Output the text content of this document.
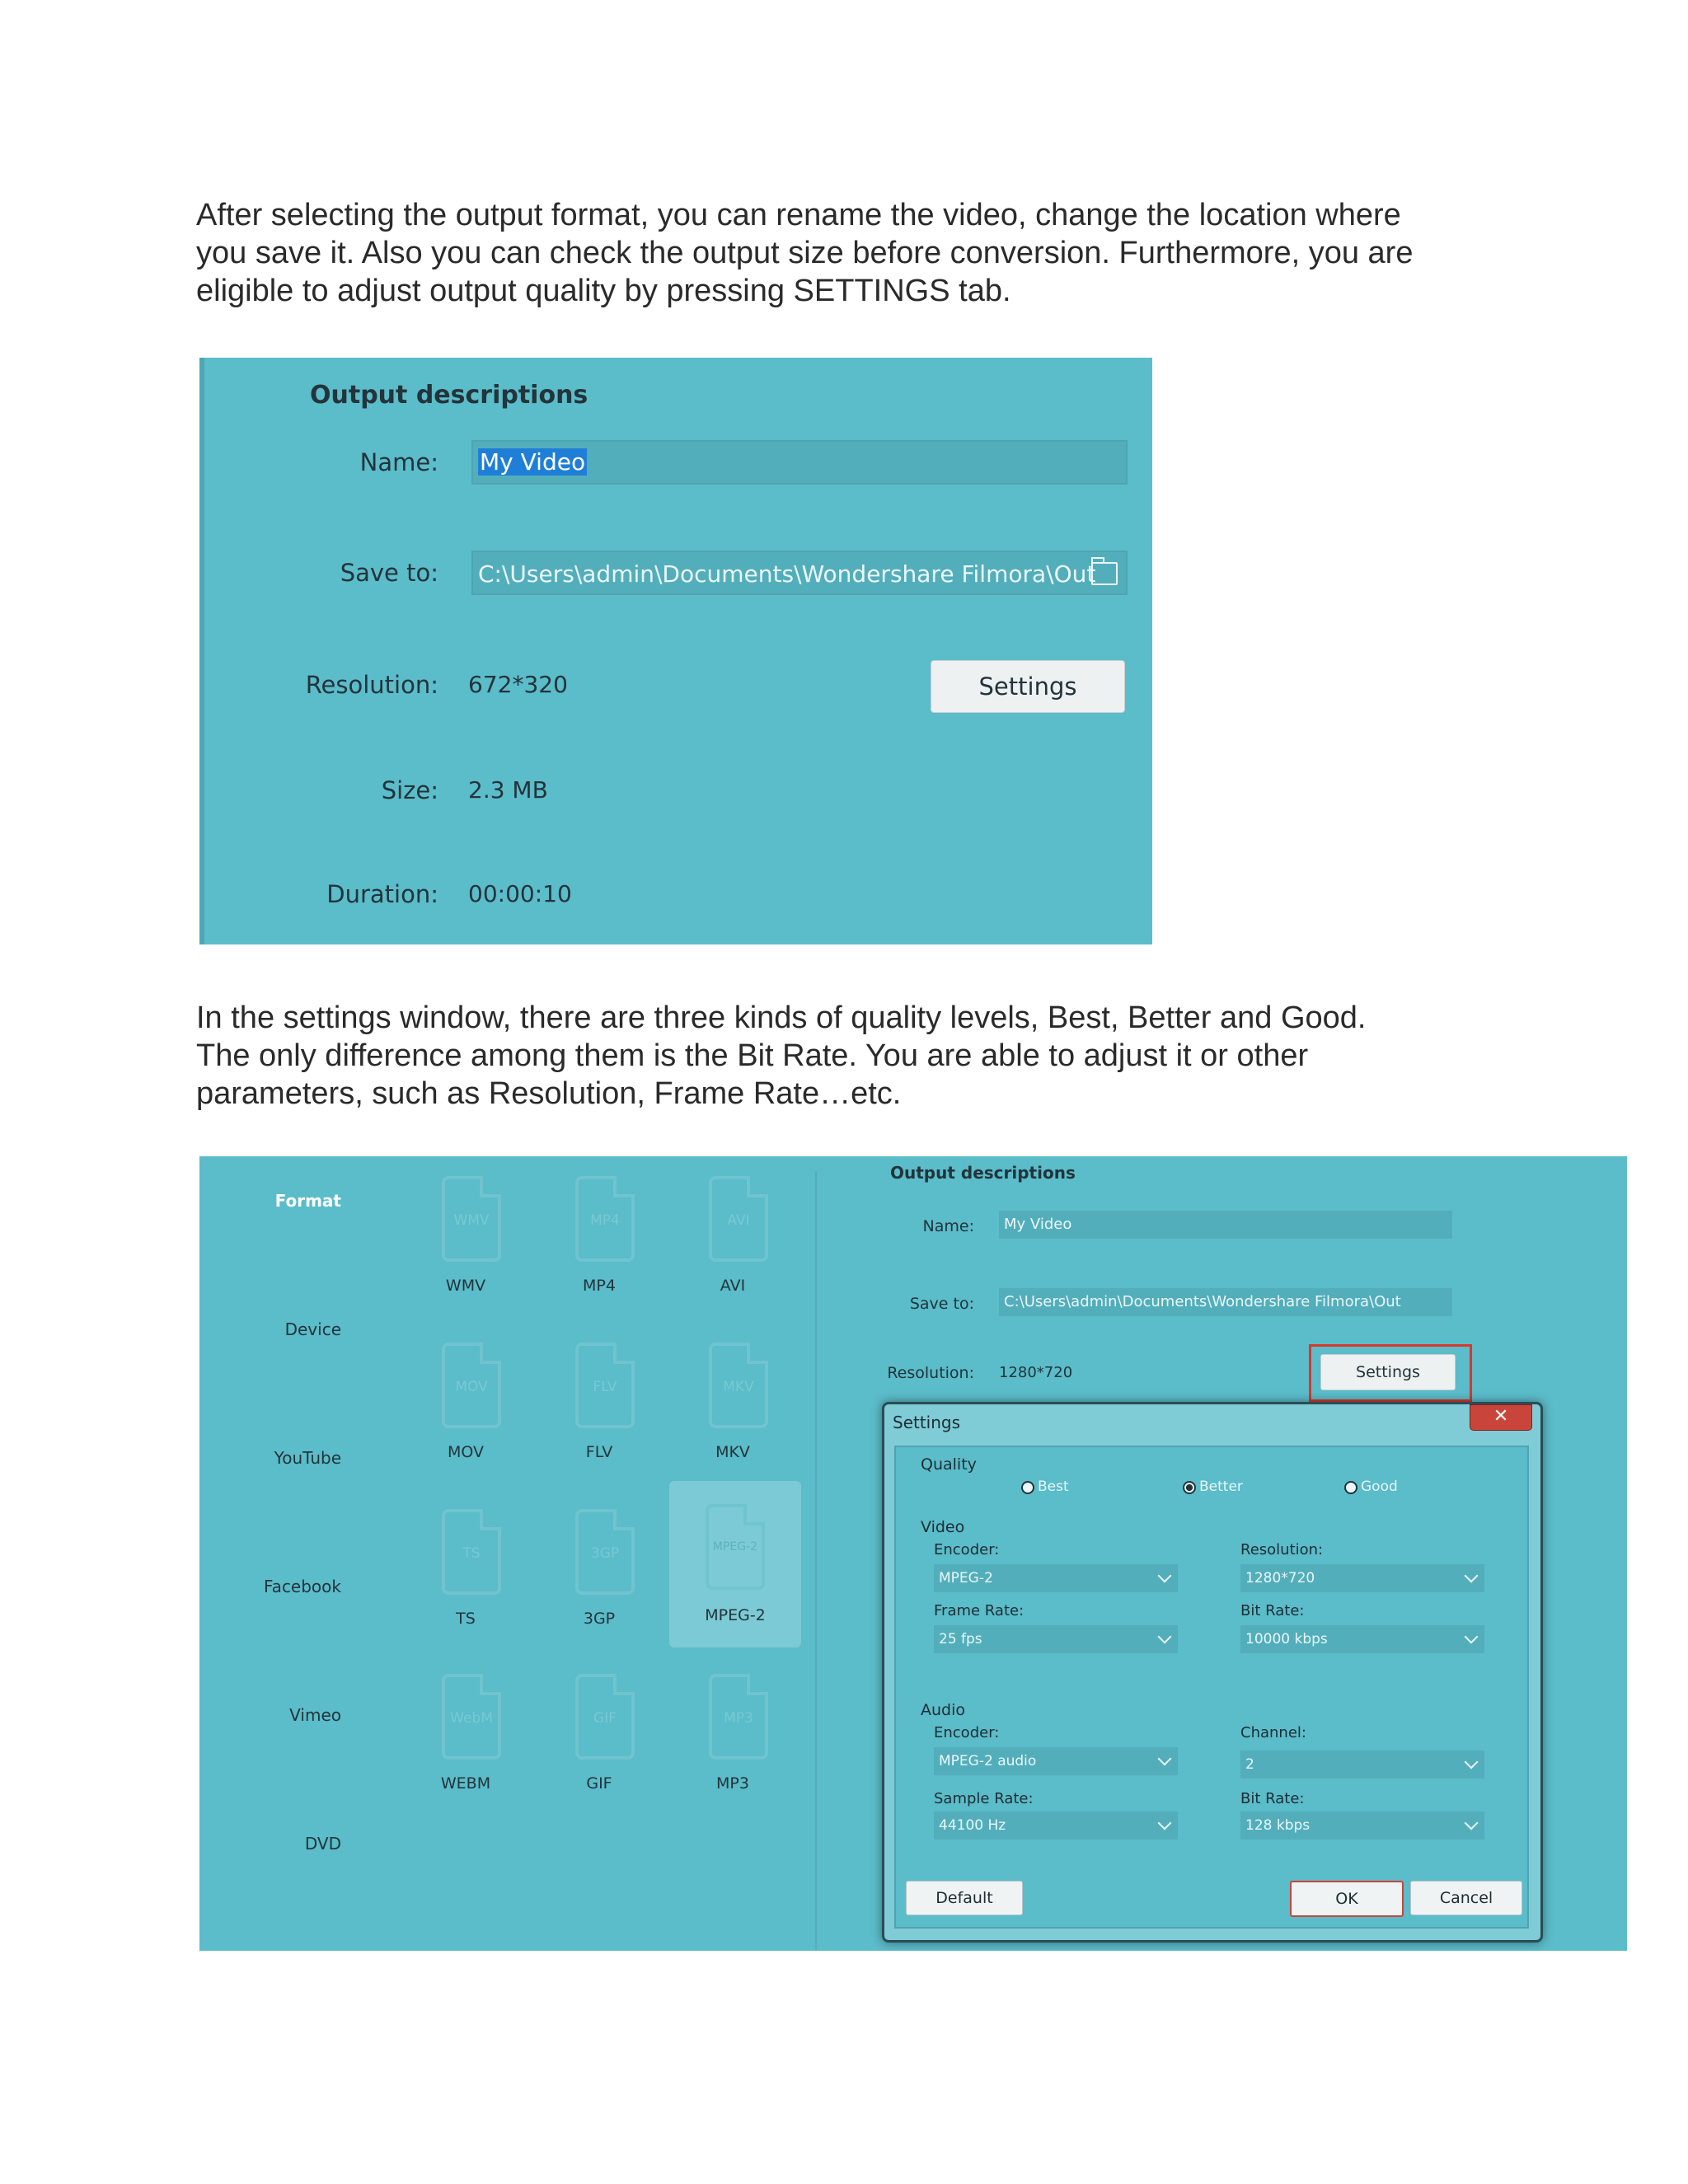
After selecting the output format, you can rename the video, change the location where
you save it. Also you can check the output size before conversion. Furthermore, you are
eligible to adjust output quality by pressing SETTINGS tab.

Output descriptions
Name: My Video
Save to: C:\Users\admin\Documents\Wondershare Filmora\Out
Resolution: 672*320	Settings
Size: 2.3 MB
Duration: 00:00:10

In the settings window, there are three kinds of quality levels, Best, Better and Good.
The only difference among them is the Bit Rate. You are able to adjust it or other
parameters, such as Resolution, Frame Rate…etc.

Format
Device
YouTube
Facebook
Vimeo
DVD
WMV
WMV
MP4
MP4
AVI
AVI
MOV
MOV
FLV
FLV
MKV
MKV
TS
TS
3GP
3GP
MPEG-2
MPEG-2
WebM
WEBM
GIF
GIF
MP3
MP3
Output descriptions
Name: My Video
Save to: C:\Users\admin\Documents\Wondershare Filmora\Out
Resolution: 1280*720	Settings
Settings	✕
Quality
Best	Better	Good
Video
Encoder:	Resolution:
MPEG-2	1280*720
Frame Rate:	Bit Rate:
25 fps	10000 kbps
Audio
Encoder:	Channel:
MPEG-2 audio	2
Sample Rate:	Bit Rate:
44100 Hz	128 kbps
Default	OK	Cancel
